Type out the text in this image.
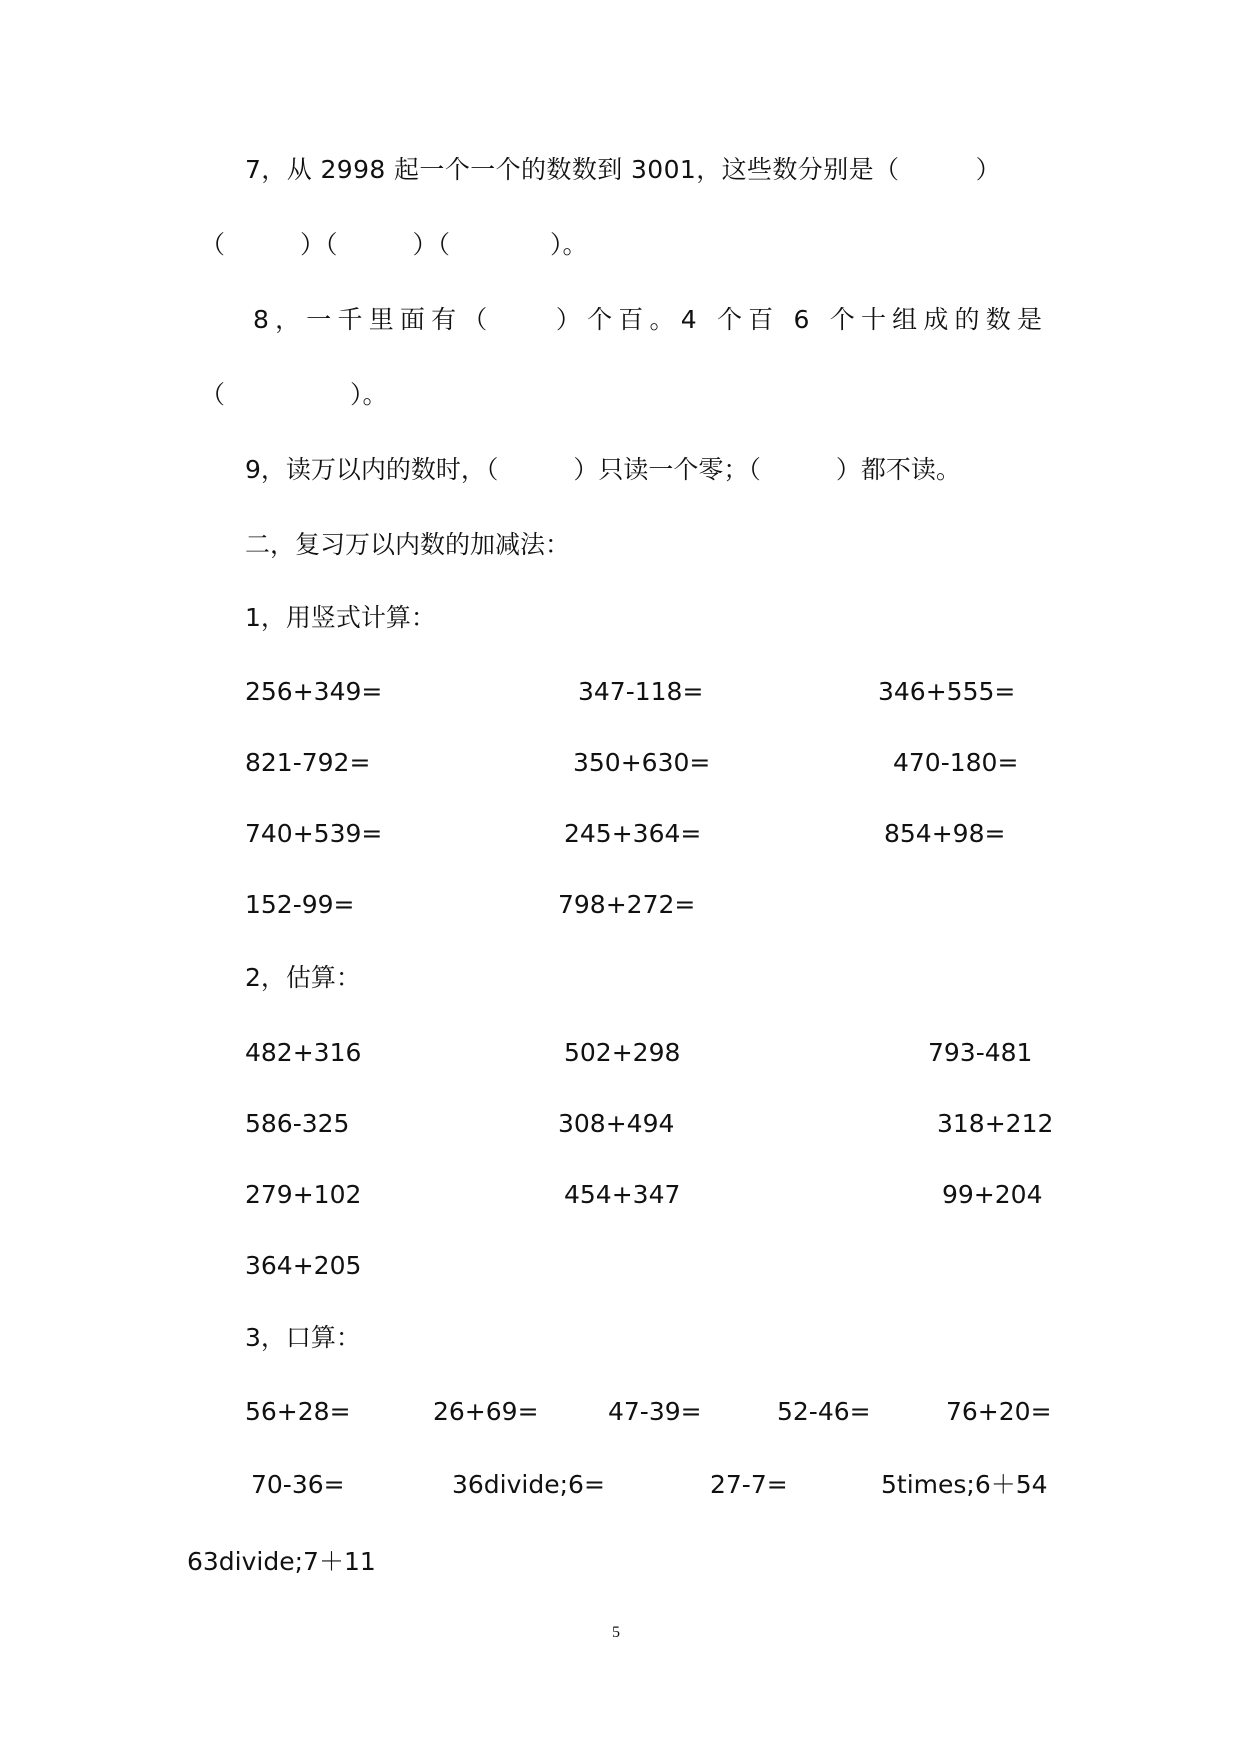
7，从 2998 起一个一个的数数到 3001，这些数分别是（　　　）
（　　　）（　　　）（　　　　）。
8，一千里面有（　　）个百。4 个百 6 个十组成的数是
（　　　　　）。
9，读万以内的数时，（　　　）只读一个零；（　　　）都不读。
二，复习万以内数的加减法：
1，用竖式计算：
256+349=	347-118=	346+555=
821-792=	350+630=	470-180=
740+539=	245+364=	854+98=
152-99=	798+272=
2，估算：
482+316	502+298	793-481
586-325	308+494	318+212
279+102	454+347	99+204
364+205
3，口算：
56+28=	26+69=	47-39=	52-46=	76+20=
70-36=	36divide;6=	27-7=	5times;6＋54
63divide;7＋11
5
